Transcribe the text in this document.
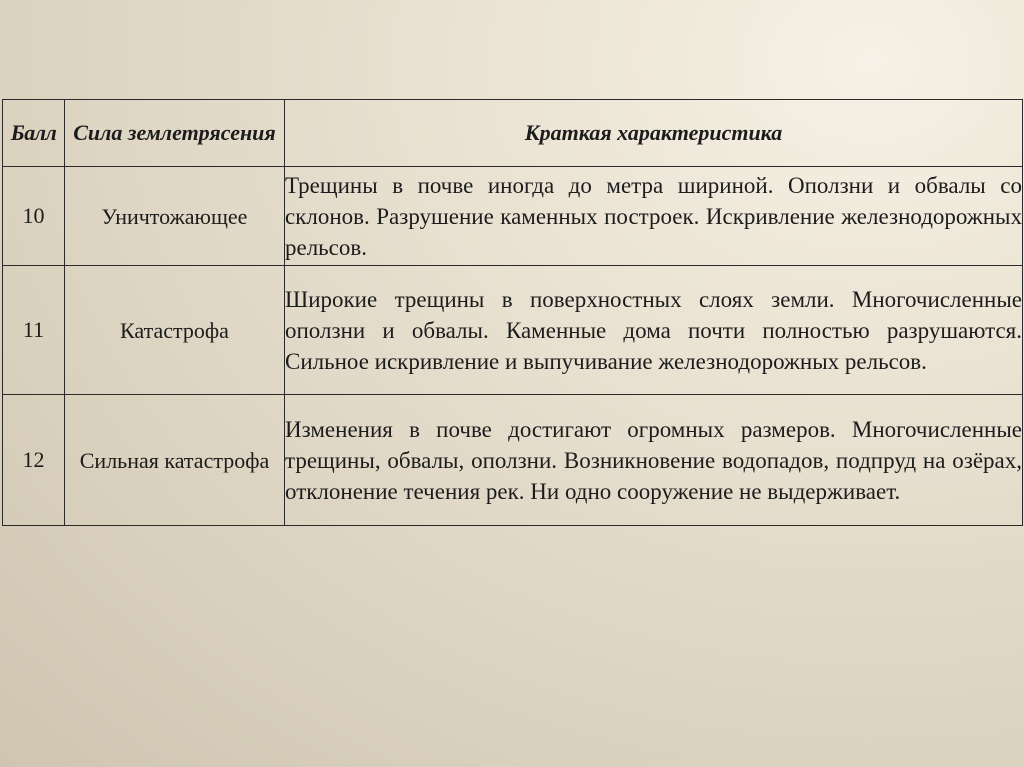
Балл	Сила землетрясения	Краткая характеристика
10	Уничтожающее	Трещины в почве иногда до метра шириной. Оползни и обвалы со склонов. Разрушение каменных построек. Искривление железнодорожных рельсов.
11	Катастрофа	Широкие трещины в поверхностных слоях земли. Многочисленные оползни и обвалы. Каменные дома почти полностью разрушаются. Сильное искривление и выпучивание железнодорожных рельсов.
12	Сильная катастрофа	Изменения в почве достигают огромных размеров. Многочисленные трещины, обвалы, оползни. Возникновение водопадов, подпруд на озёрах, отклонение течения рек. Ни одно сооружение не выдерживает.
